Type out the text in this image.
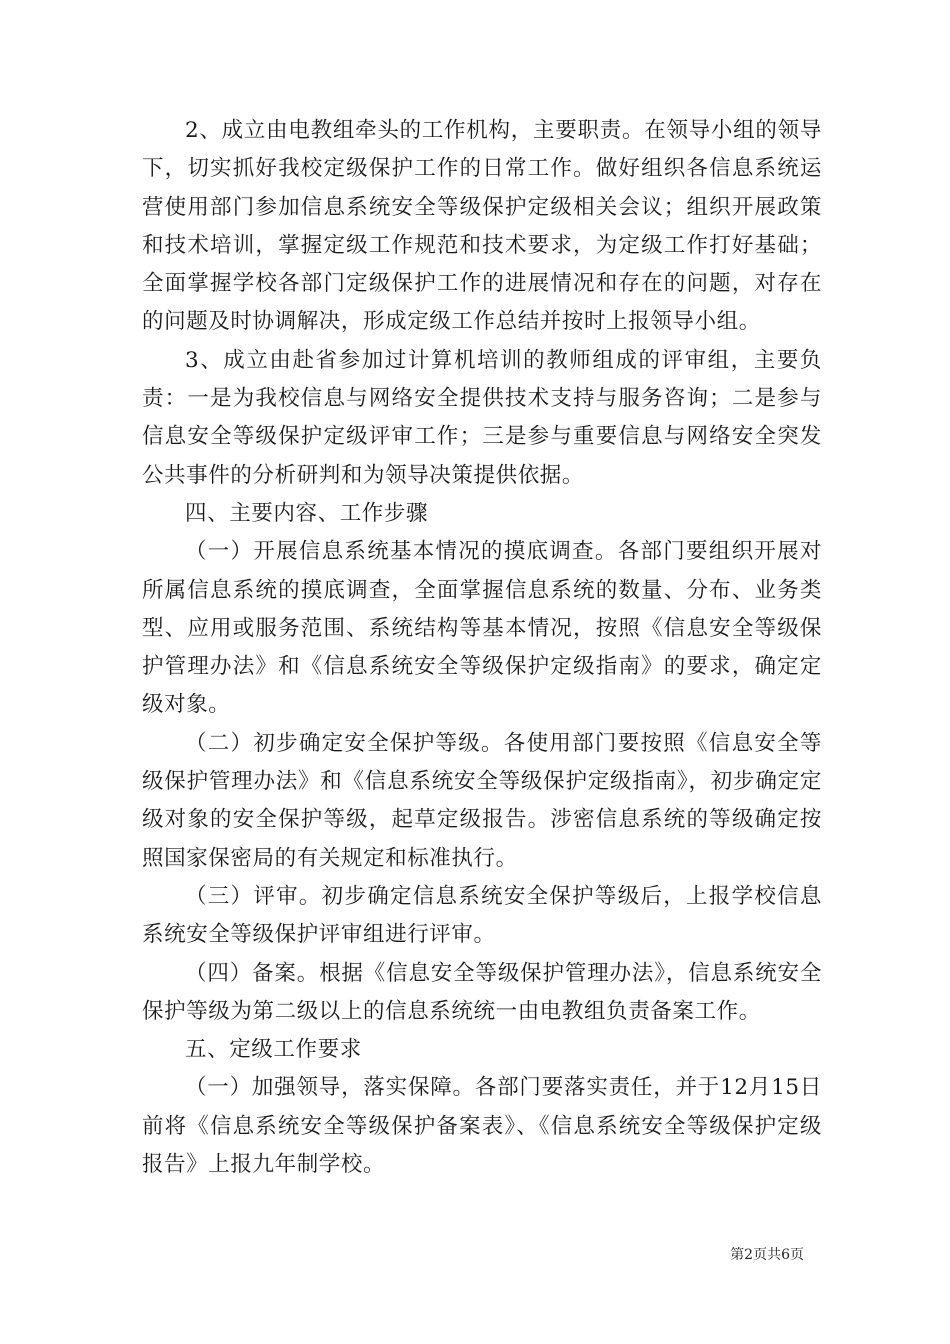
2、成立由电教组牵头的工作机构，主要职责。在领导小组的领导下，切实抓好我校定级保护工作的日常工作。做好组织各信息系统运营使用部门参加信息系统安全等级保护定级相关会议；组织开展政策和技术培训，掌握定级工作规范和技术要求，为定级工作打好基础；全面掌握学校各部门定级保护工作的进展情况和存在的问题，对存在的问题及时协调解决，形成定级工作总结并按时上报领导小组。

3、成立由赴省参加过计算机培训的教师组成的评审组，主要负责：一是为我校信息与网络安全提供技术支持与服务咨询；二是参与信息安全等级保护定级评审工作；三是参与重要信息与网络安全突发公共事件的分析研判和为领导决策提供依据。

四、主要内容、工作步骤

（一）开展信息系统基本情况的摸底调查。各部门要组织开展对所属信息系统的摸底调查，全面掌握信息系统的数量、分布、业务类型、应用或服务范围、系统结构等基本情况，按照《信息安全等级保护管理办法》和《信息系统安全等级保护定级指南》的要求，确定定级对象。

（二）初步确定安全保护等级。各使用部门要按照《信息安全等级保护管理办法》和《信息系统安全等级保护定级指南》，初步确定定级对象的安全保护等级，起草定级报告。涉密信息系统的等级确定按照国家保密局的有关规定和标准执行。

（三）评审。初步确定信息系统安全保护等级后，上报学校信息系统安全等级保护评审组进行评审。

（四）备案。根据《信息安全等级保护管理办法》，信息系统安全保护等级为第二级以上的信息系统统一由电教组负责备案工作。

五、定级工作要求

（一）加强领导，落实保障。各部门要落实责任，并于12月15日前将《信息系统安全等级保护备案表》、《信息系统安全等级保护定级报告》上报九年制学校。

第2页共6页
